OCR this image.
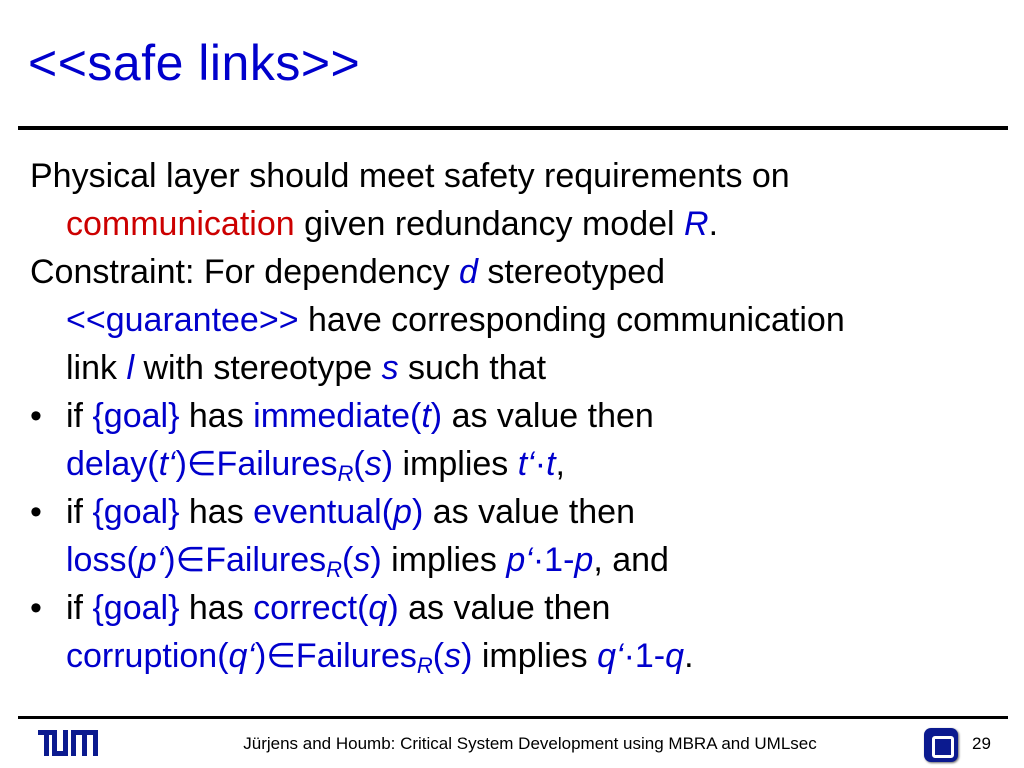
<<safe links>>

Physical layer should meet safety requirements on

communication given redundancy model R.

Constraint: For dependency d stereotyped

<<guarantee>> have corresponding communication

link l with stereotype s such that

• if {goal} has immediate(t) as value then

delay(t‘)∈Failures$_R$(s) implies t‘·t,

• if {goal} has eventual(p) as value then

loss(p‘)∈Failures$_R$(s) implies p‘·1-p, and

• if {goal} has correct(q) as value then

corruption(q‘)∈Failures$_R$(s) implies q‘·1-q.

Jürjens and Houmb: Critical System Development using MBRA and UMLsec	29
